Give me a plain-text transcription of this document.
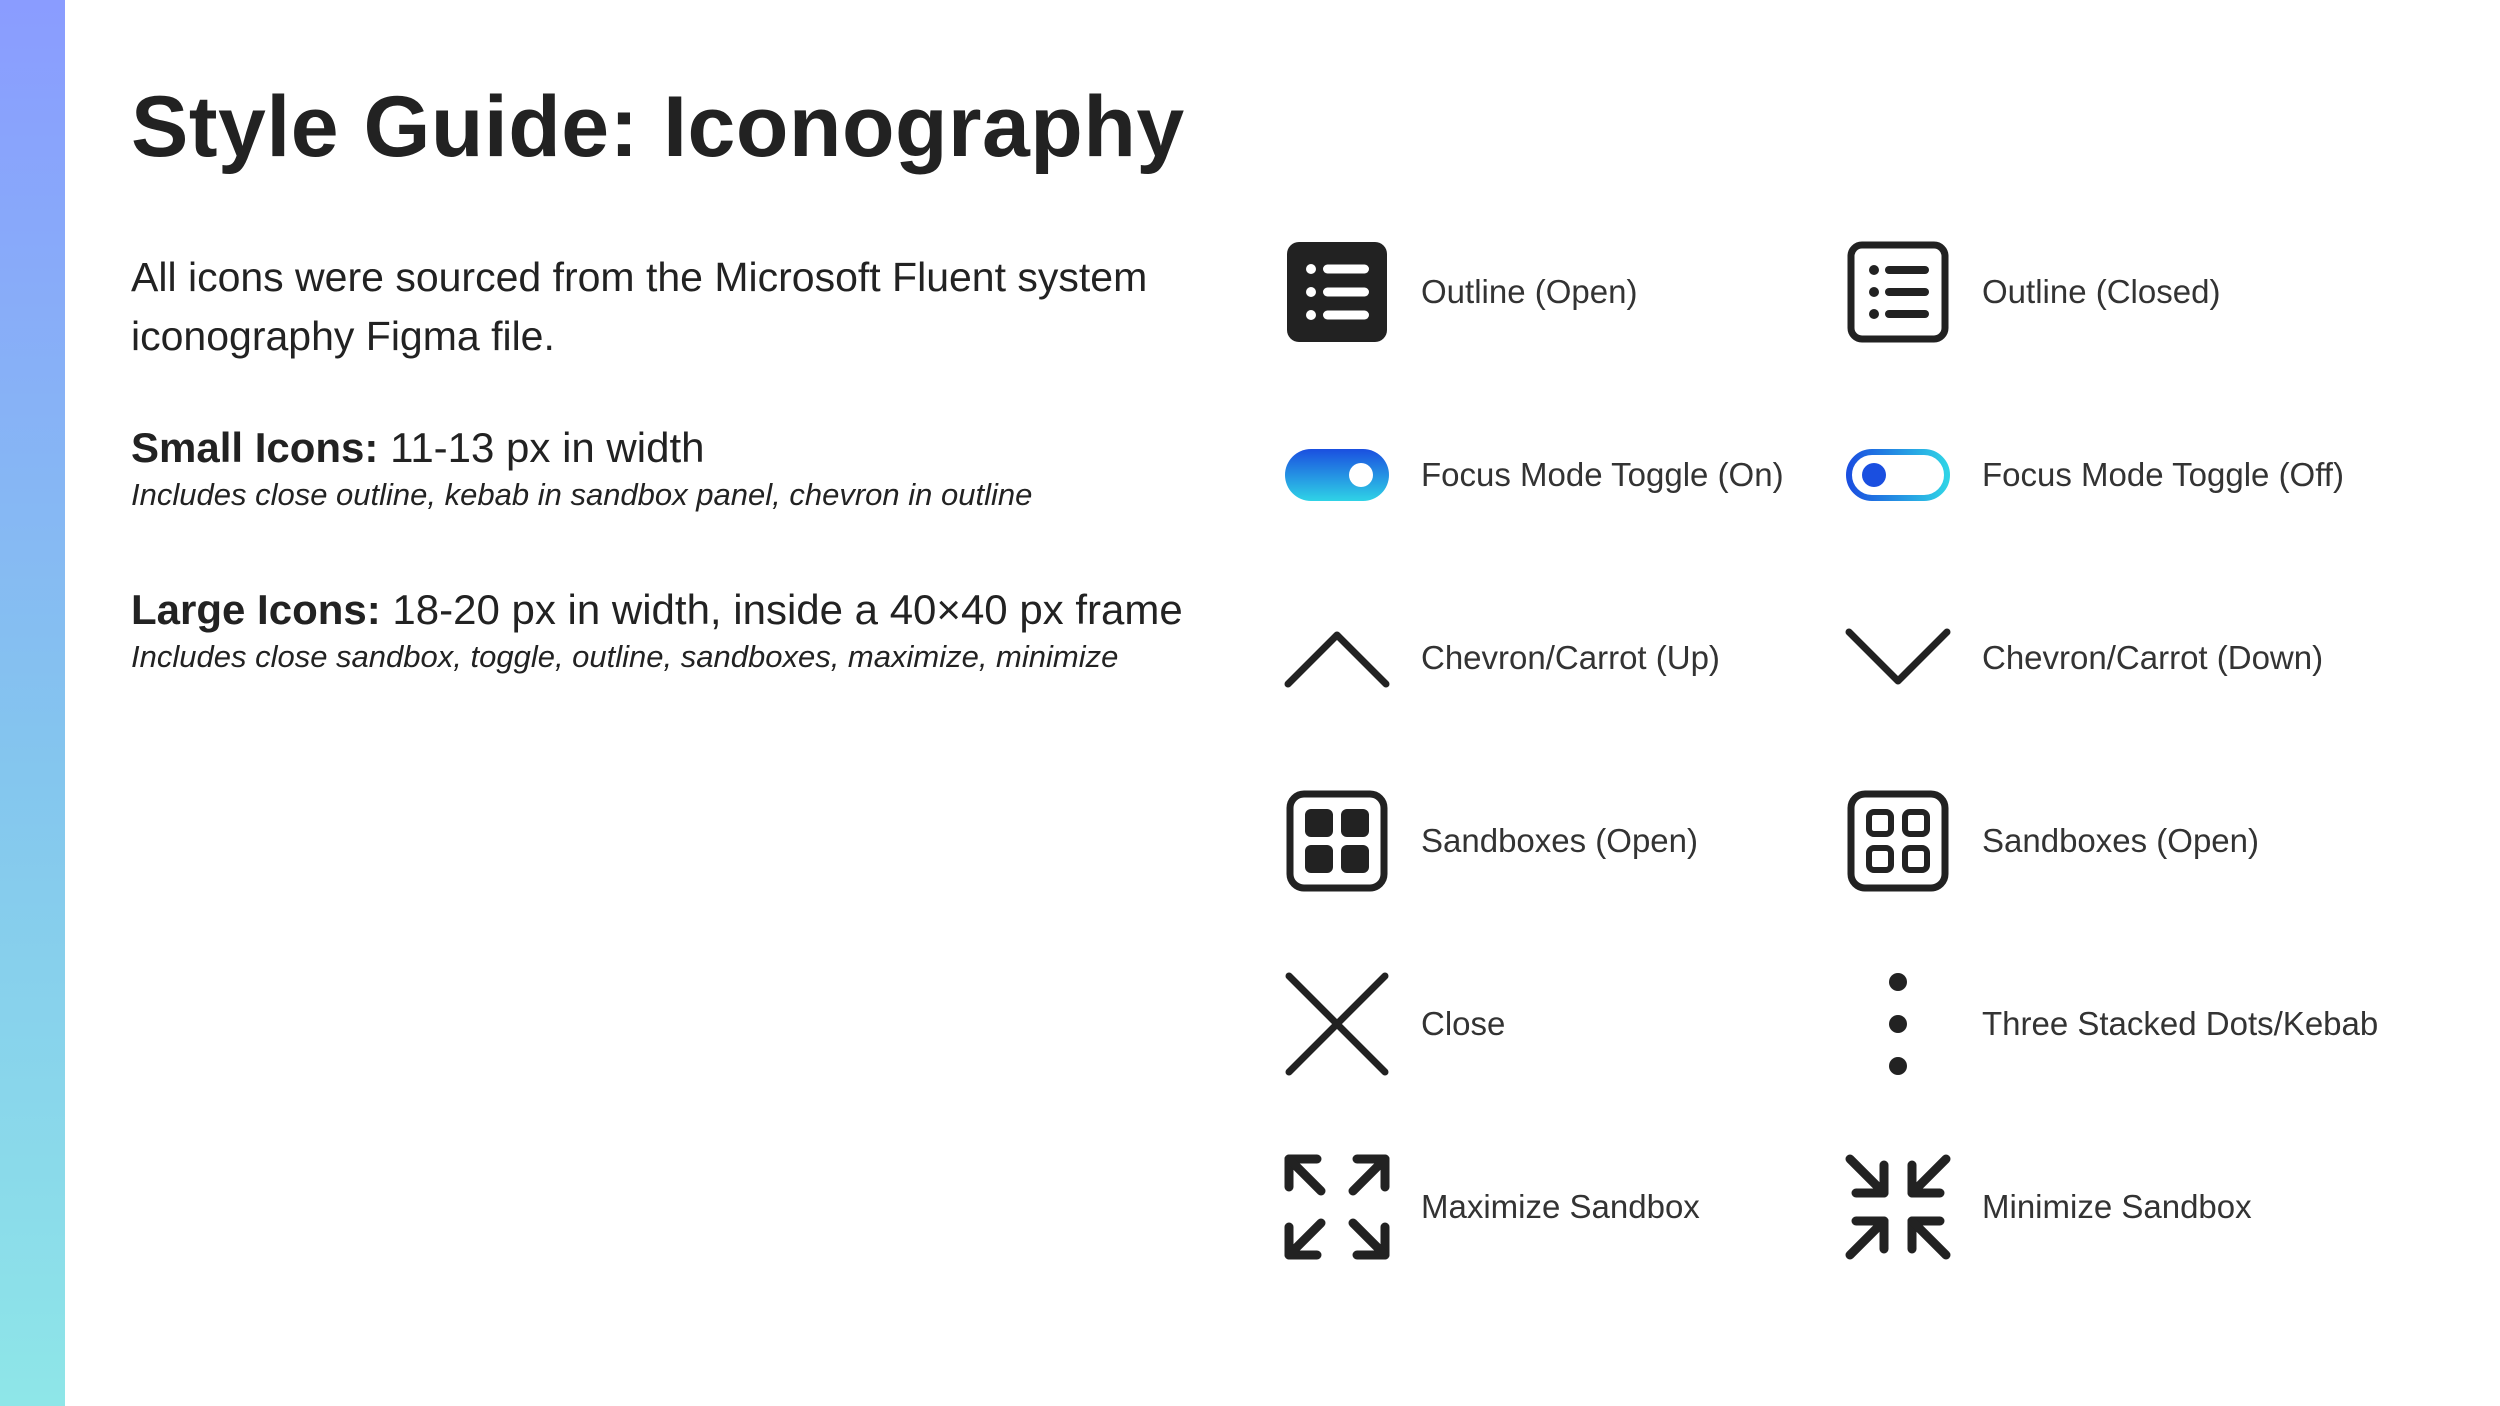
Style Guide: Iconography

All icons were sourced from the Microsoft Fluent system iconography Figma file.

Small Icons: 11-13 px in width
Includes close outline, kebab in sandbox panel, chevron in outline
Large Icons: 18-20 px in width, inside a 40×40 px frame
Includes close sandbox, toggle, outline, sandboxes, maximize, minimize
Outline (Open)	Outline (Closed)
Focus Mode Toggle (On)	Focus Mode Toggle (Off)
Chevron/Carrot (Up)	Chevron/Carrot (Down)
Sandboxes (Open)	Sandboxes (Open)
Close	Three Stacked Dots/Kebab
Maximize Sandbox	Minimize Sandbox
